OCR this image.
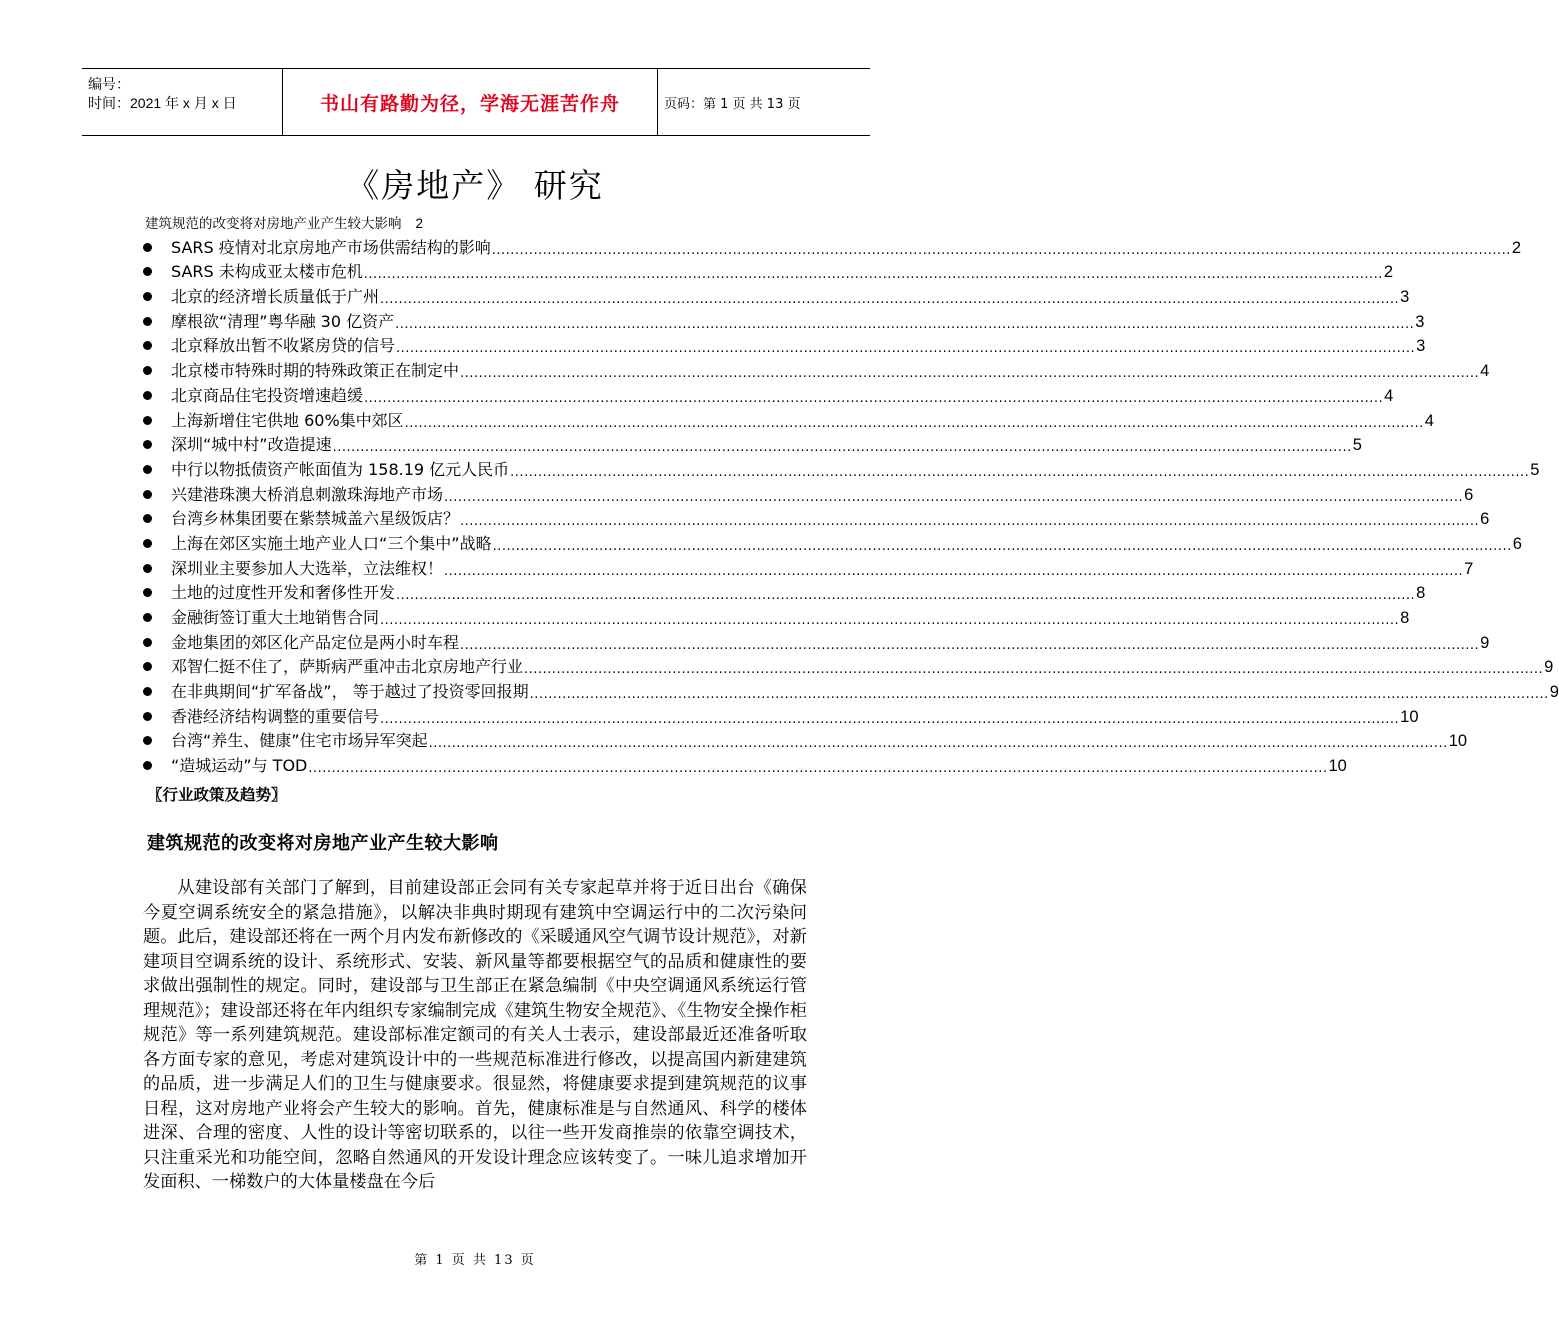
编号：
时间：2021 年 x 月 x 日	书山有路勤为径，学海无涯苦作舟	页码：第 1 页 共 13 页
《房地产》 研究
建筑规范的改变将对房地产业产生较大影响 2
SARS 疫情对北京房地产市场供需结构的影响 ............................................................................................................................................................................................................................ 2
SARS 未构成亚太楼市危机 ............................................................................................................................................................................................................................ 2
北京的经济增长质量低于广州 ............................................................................................................................................................................................................................ 3
摩根欲“清理”粤华融 30 亿资产 ............................................................................................................................................................................................................................ 3
北京释放出暂不收紧房贷的信号 ............................................................................................................................................................................................................................ 3
北京楼市特殊时期的特殊政策正在制定中 ............................................................................................................................................................................................................................ 4
北京商品住宅投资增速趋缓 ............................................................................................................................................................................................................................ 4
上海新增住宅供地 60%集中郊区 ............................................................................................................................................................................................................................ 4
深圳“城中村”改造提速 ............................................................................................................................................................................................................................ 5
中行以物抵债资产帐面值为 158.19 亿元人民币 ............................................................................................................................................................................................................................ 5
兴建港珠澳大桥消息刺激珠海地产市场 ............................................................................................................................................................................................................................ 6
台湾乡林集团要在紫禁城盖六星级饭店？ ............................................................................................................................................................................................................................ 6
上海在郊区实施土地产业人口“三个集中”战略 ............................................................................................................................................................................................................................ 6
深圳业主要参加人大选举，立法维权！ ............................................................................................................................................................................................................................ 7
土地的过度性开发和奢侈性开发 ............................................................................................................................................................................................................................ 8
金融街签订重大土地销售合同 ............................................................................................................................................................................................................................ 8
金地集团的郊区化产品定位是两小时车程 ............................................................................................................................................................................................................................ 9
邓智仁挺不住了，萨斯病严重冲击北京房地产行业 ............................................................................................................................................................................................................................ 9
在非典期间“扩军备战”， 等于越过了投资零回报期 ............................................................................................................................................................................................................................ 9
香港经济结构调整的重要信号 ............................................................................................................................................................................................................................ 10
台湾“养生、健康”住宅市场异军突起 ............................................................................................................................................................................................................................ 10
“造城运动”与 TOD ............................................................................................................................................................................................................................ 10
〖行业政策及趋势〗
建筑规范的改变将对房地产业产生较大影响

从建设部有关部门了解到，目前建设部正会同有关专家起草并将于近日出台《确保今夏空调系统安全的紧急措施》，以解决非典时期现有建筑中空调运行中的二次污染问题。此后，建设部还将在一两个月内发布新修改的《采暖通风空气调节设计规范》，对新建项目空调系统的设计、系统形式、安装、新风量等都要根据空气的品质和健康性的要求做出强制性的规定。同时，建设部与卫生部正在紧急编制《中央空调通风系统运行管理规范》；建设部还将在年内组织专家编制完成《建筑生物安全规范》、《生物安全操作柜规范》等一系列建筑规范。建设部标准定额司的有关人士表示，建设部最近还准备听取各方面专家的意见，考虑对建筑设计中的一些规范标准进行修改，以提高国内新建建筑的品质，进一步满足人们的卫生与健康要求。很显然，将健康要求提到建筑规范的议事日程，这对房地产业将会产生较大的影响。首先，健康标准是与自然通风、科学的楼体进深、合理的密度、人性的设计等密切联系的，以往一些开发商推崇的依靠空调技术，只注重采光和功能空间，忽略自然通风的开发设计理念应该转变了。一味儿追求增加开发面积、一梯数户的大体量楼盘在今后

第 1 页 共 13 页
